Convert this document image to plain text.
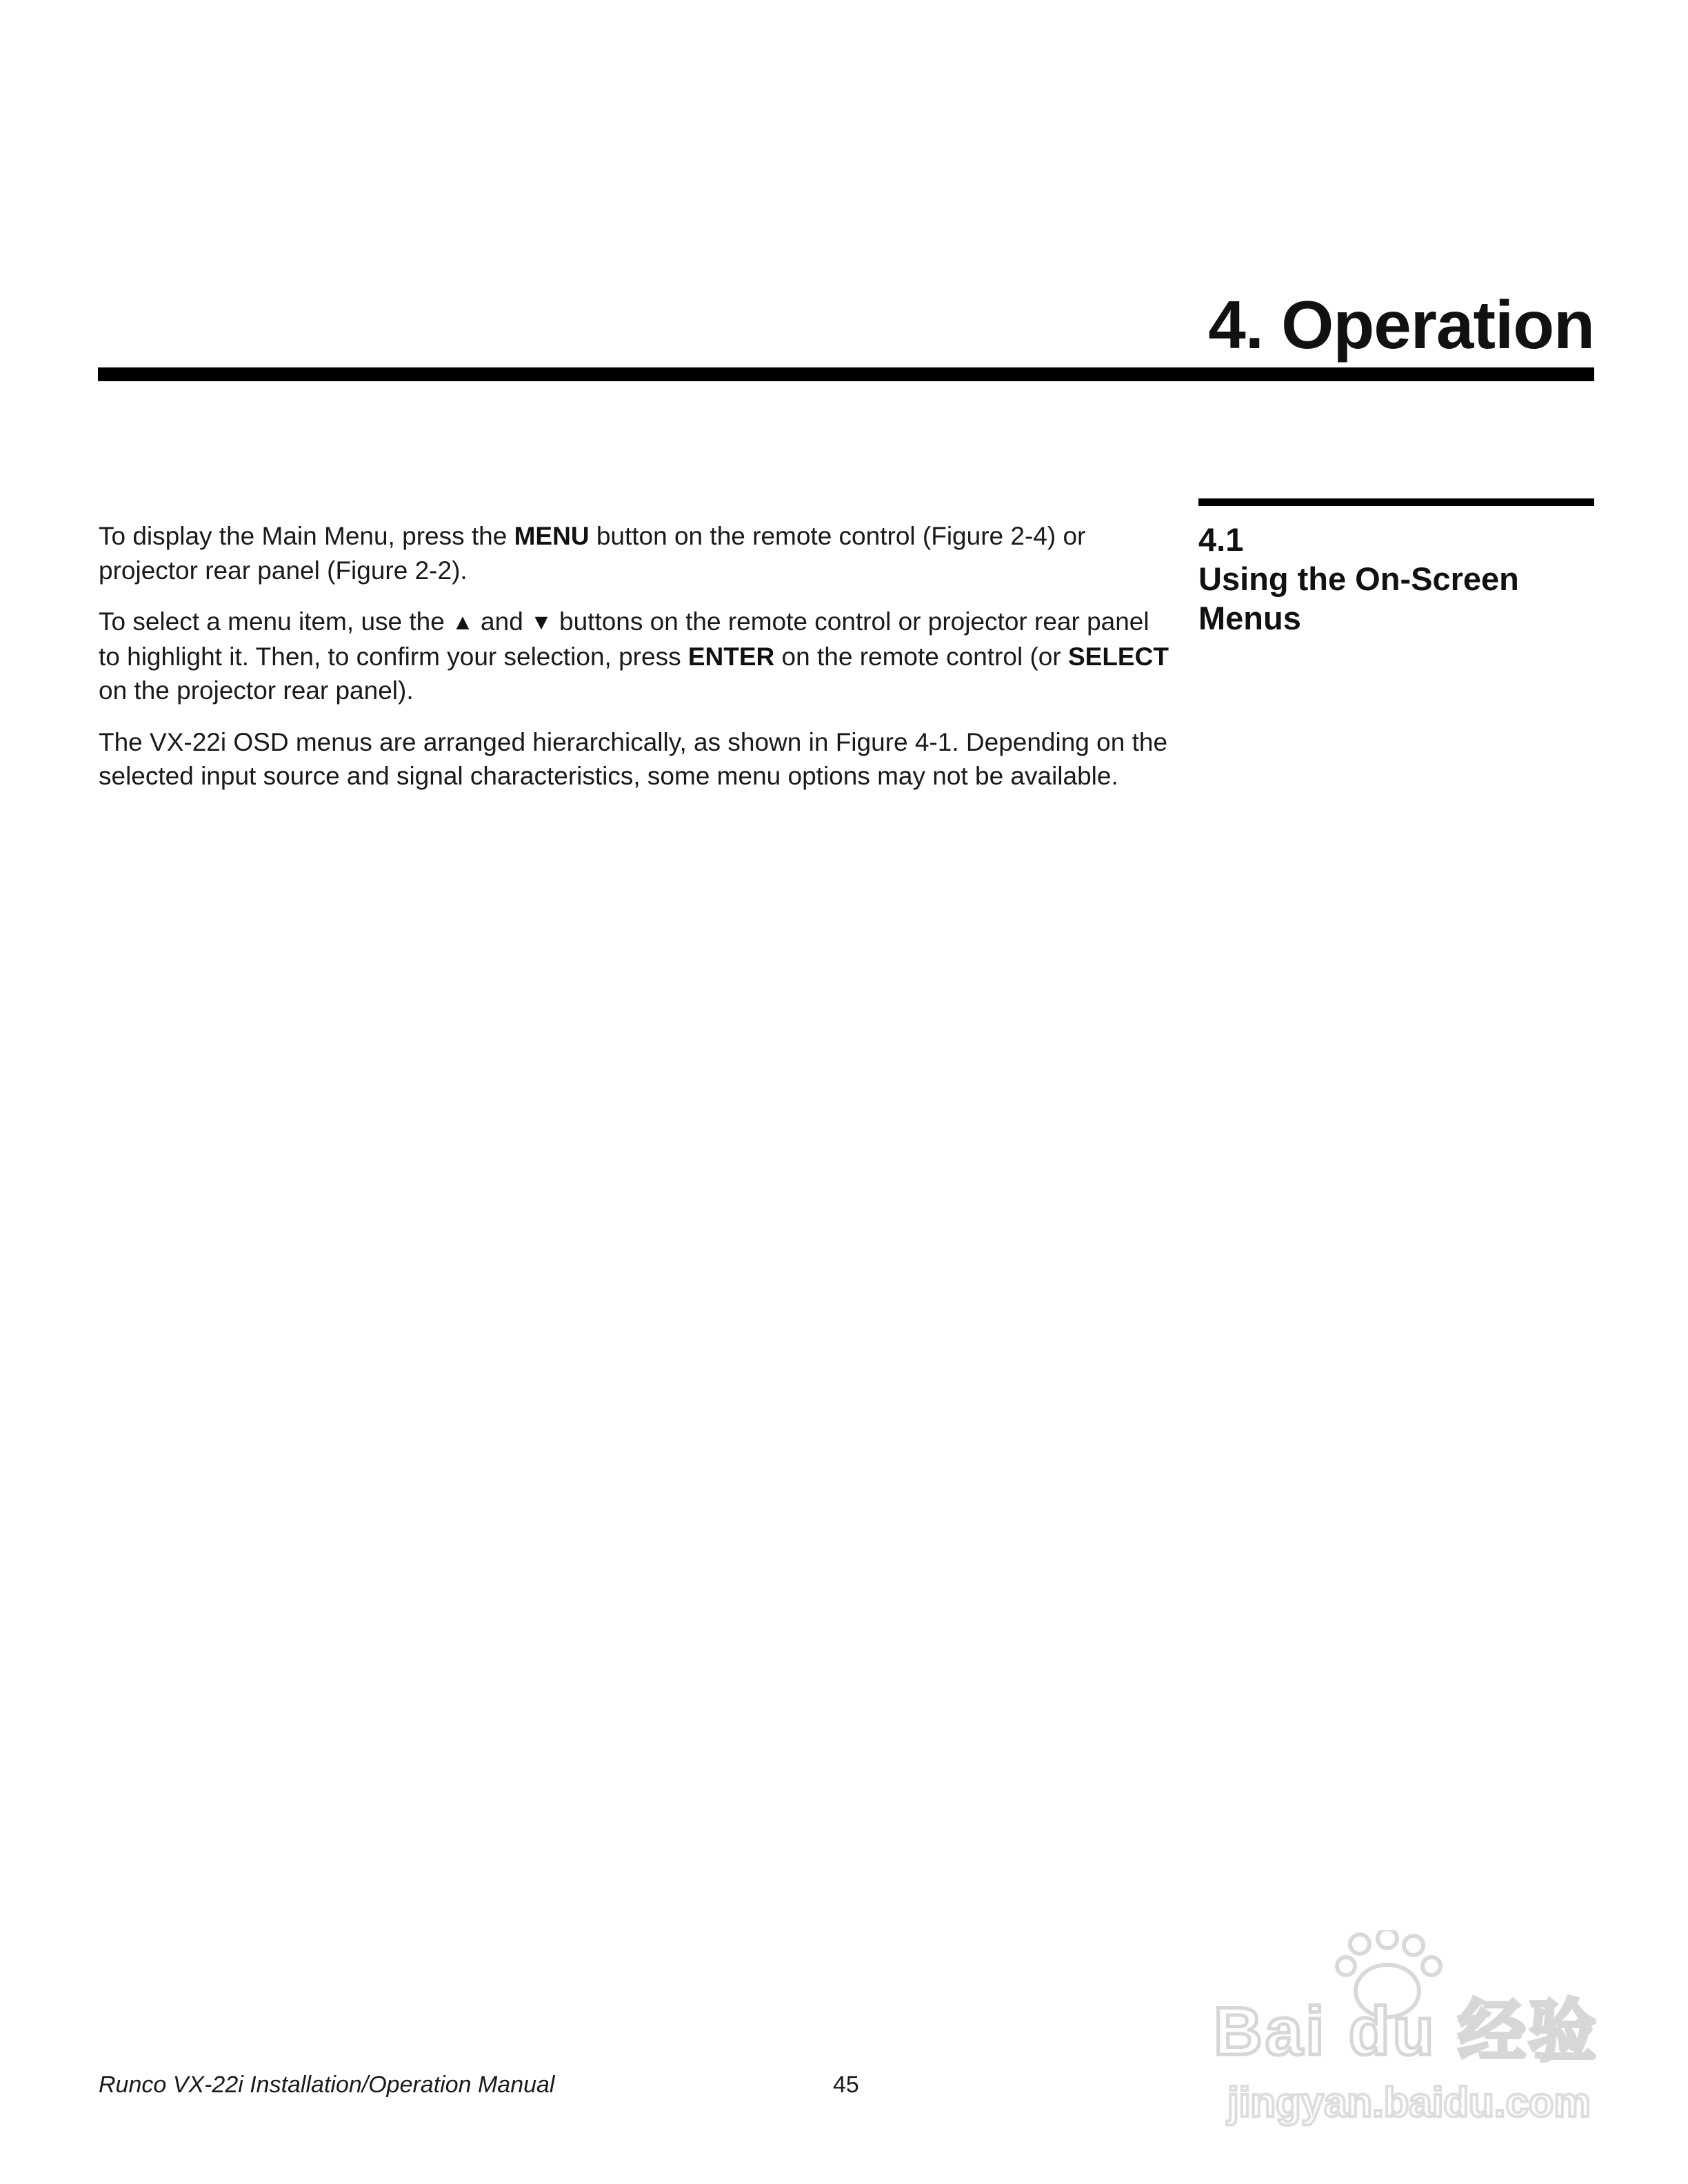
4. Operation
4.1
Using the On-Screen
Menus

To display the Main Menu, press the MENU button on the remote control (Figure 2-4) or projector rear panel (Figure 2-2).

To select a menu item, use the ▲ and ▼ buttons on the remote control or projector rear panel to highlight it. Then, to confirm your selection, press ENTER on the remote control (or SELECT on the projector rear panel).

The VX-22i OSD menus are arranged hierarchically, as shown in Figure 4-1. Depending on the selected input source and signal characteristics, some menu options may not be available.

Runco VX-22i Installation/Operation Manual	45
Bai du 经验
jingyan.baidu.com
